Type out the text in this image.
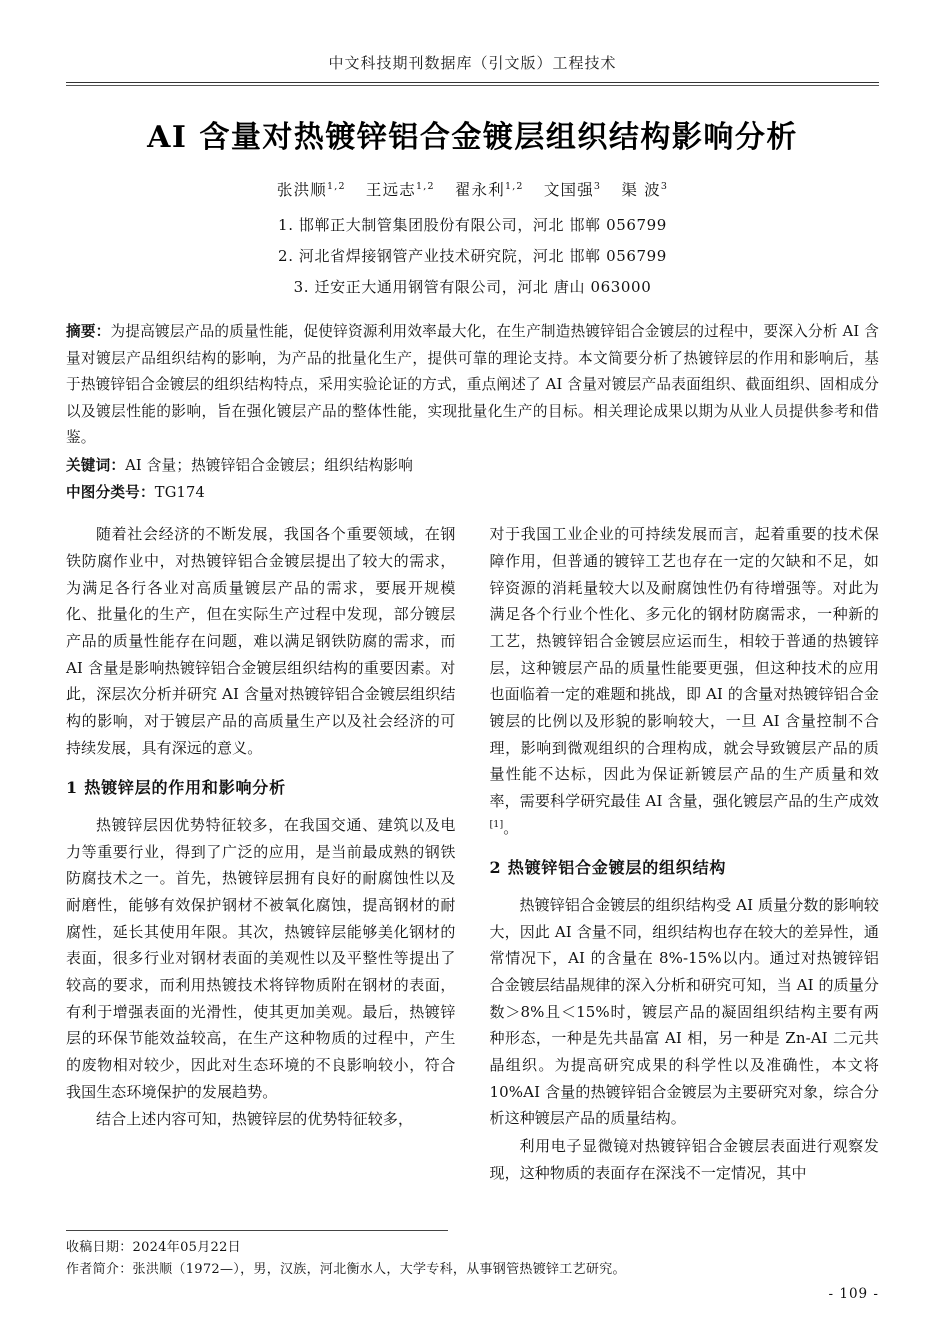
中文科技期刊数据库（引文版）工程技术
AI 含量对热镀锌铝合金镀层组织结构影响分析
张洪顺$^{1,2}$ 王远志$^{1,2}$ 翟永利$^{1,2}$ 文国强$^3$ 渠 波$^3$
1. 邯郸正大制管集团股份有限公司，河北 邯郸 056799
2. 河北省焊接钢管产业技术研究院，河北 邯郸 056799
3. 迁安正大通用钢管有限公司，河北 唐山 063000
摘要：为提高镀层产品的质量性能，促使锌资源利用效率最大化，在生产制造热镀锌铝合金镀层的过程中，要深入分析 AI 含量对镀层产品组织结构的影响，为产品的批量化生产，提供可靠的理论支持。本文简要分析了热镀锌层的作用和影响后，基于热镀锌铝合金镀层的组织结构特点，采用实验论证的方式，重点阐述了 AI 含量对镀层产品表面组织、截面组织、固相成分以及镀层性能的影响，旨在强化镀层产品的整体性能，实现批量化生产的目标。相关理论成果以期为从业人员提供参考和借鉴。
关键词：AI 含量；热镀锌铝合金镀层；组织结构影响
中图分类号：TG174

随着社会经济的不断发展，我国各个重要领域，在钢铁防腐作业中，对热镀锌铝合金镀层提出了较大的需求，为满足各行各业对高质量镀层产品的需求，要展开规模化、批量化的生产，但在实际生产过程中发现，部分镀层产品的质量性能存在问题，难以满足钢铁防腐的需求，而 AI 含量是影响热镀锌铝合金镀层组织结构的重要因素。对此，深层次分析并研究 AI 含量对热镀锌铝合金镀层组织结构的影响，对于镀层产品的高质量生产以及社会经济的可持续发展，具有深远的意义。

1 热镀锌层的作用和影响分析

热镀锌层因优势特征较多，在我国交通、建筑以及电力等重要行业，得到了广泛的应用，是当前最成熟的钢铁防腐技术之一。首先，热镀锌层拥有良好的耐腐蚀性以及耐磨性，能够有效保护钢材不被氧化腐蚀，提高钢材的耐腐性，延长其使用年限。其次，热镀锌层能够美化钢材的表面，很多行业对钢材表面的美观性以及平整性等提出了较高的要求，而利用热镀技术将锌物质附在钢材的表面，有利于增强表面的光滑性，使其更加美观。最后，热镀锌层的环保节能效益较高，在生产这种物质的过程中，产生的废物相对较少，因此对生态环境的不良影响较小，符合我国生态环境保护的发展趋势。

结合上述内容可知，热镀锌层的优势特征较多，

对于我国工业企业的可持续发展而言，起着重要的技术保障作用，但普通的镀锌工艺也存在一定的欠缺和不足，如锌资源的消耗量较大以及耐腐蚀性仍有待增强等。对此为满足各个行业个性化、多元化的钢材防腐需求，一种新的工艺，热镀锌铝合金镀层应运而生，相较于普通的热镀锌层，这种镀层产品的质量性能要更强，但这种技术的应用也面临着一定的难题和挑战，即 AI 的含量对热镀锌铝合金镀层的比例以及形貌的影响较大，一旦 AI 含量控制不合理，影响到微观组织的合理构成，就会导致镀层产品的质量性能不达标，因此为保证新镀层产品的生产质量和效率，需要科学研究最佳 AI 含量，强化镀层产品的生产成效[1]。

2 热镀锌铝合金镀层的组织结构

热镀锌铝合金镀层的组织结构受 AI 质量分数的影响较大，因此 AI 含量不同，组织结构也存在较大的差异性，通常情况下，AI 的含量在 8%-15%以内。通过对热镀锌铝合金镀层结晶规律的深入分析和研究可知，当 AI 的质量分数＞8%且＜15%时，镀层产品的凝固组织结构主要有两种形态，一种是先共晶富 AI 相，另一种是 Zn-AI 二元共晶组织。为提高研究成果的科学性以及准确性，本文将 10%AI 含量的热镀锌铝合金镀层为主要研究对象，综合分析这种镀层产品的质量结构。

利用电子显微镜对热镀锌铝合金镀层表面进行观察发现，这种物质的表面存在深浅不一定情况，其中

收稿日期：2024年05月22日
作者简介：张洪顺（1972—），男，汉族，河北衡水人，大学专科，从事钢管热镀锌工艺研究。
- 109 -
